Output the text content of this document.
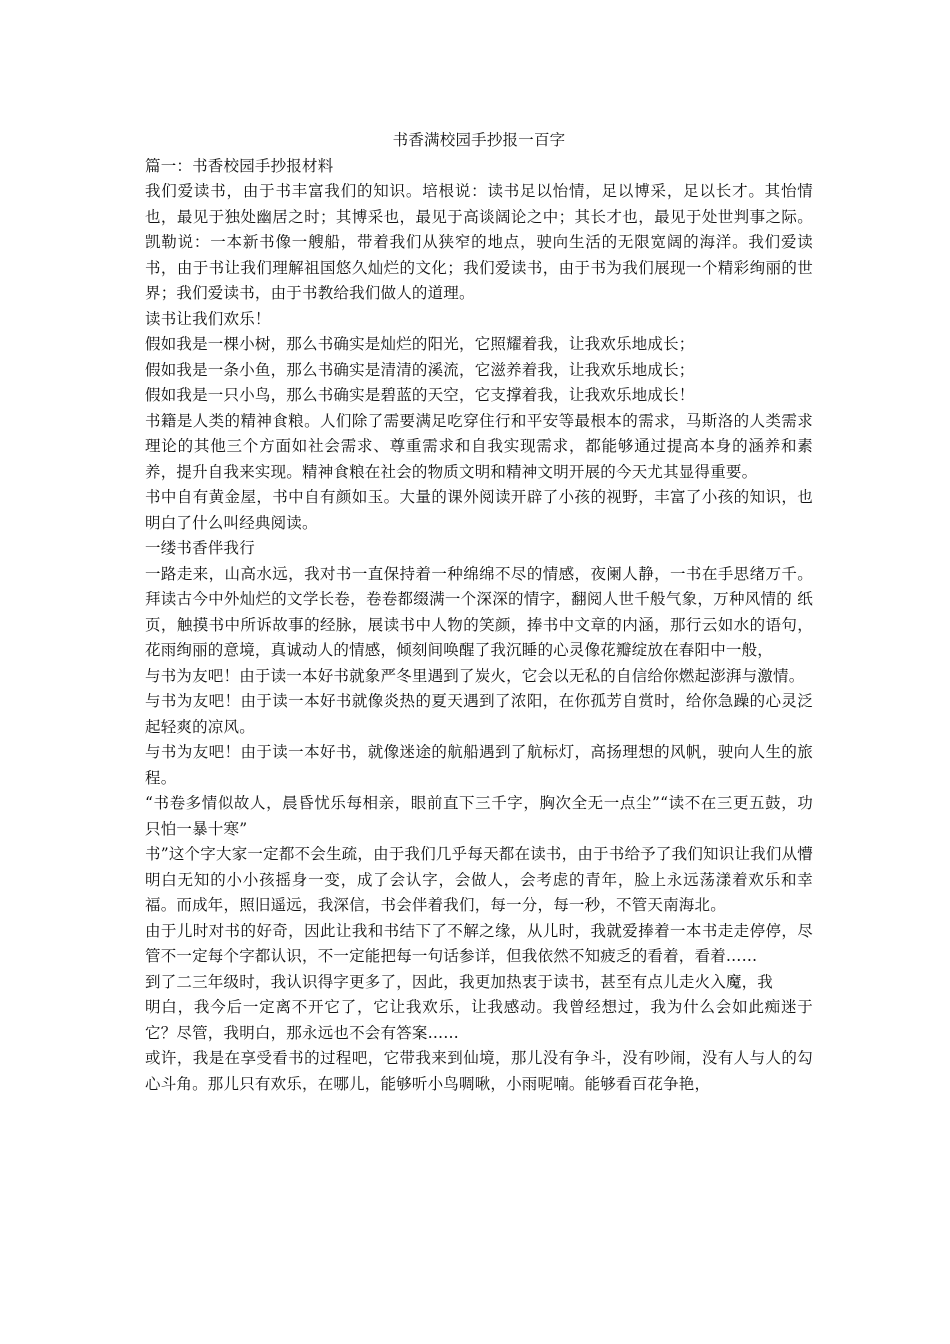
书香满校园手抄报一百字

篇一：书香校园手抄报材料

我们爱读书，由于书丰富我们的知识。培根说：读书足以怡情，足以博采，足以长才。其怡情也，最见于独处幽居之时；其博采也，最见于高谈阔论之中；其长才也，最见于处世判事之际。凯勒说：一本新书像一艘船，带着我们从狭窄的地点，驶向生活的无限宽阔的海洋。我们爱读书，由于书让我们理解祖国悠久灿烂的文化；我们爱读书，由于书为我们展现一个精彩绚丽的世界；我们爱读书，由于书教给我们做人的道理。

读书让我们欢乐！

假如我是一棵小树，那么书确实是灿烂的阳光，它照耀着我，让我欢乐地成长；

假如我是一条小鱼，那么书确实是清清的溪流，它滋养着我，让我欢乐地成长；

假如我是一只小鸟，那么书确实是碧蓝的天空，它支撑着我，让我欢乐地成长！

书籍是人类的精神食粮。人们除了需要满足吃穿住行和平安等最根本的需求，马斯洛的人类需求理论的其他三个方面如社会需求、尊重需求和自我实现需求，都能够通过提高本身的涵养和素养，提升自我来实现。精神食粮在社会的物质文明和精神文明开展的今天尤其显得重要。

书中自有黄金屋，书中自有颜如玉。大量的课外阅读开辟了小孩的视野，丰富了小孩的知识，也明白了什么叫经典阅读。

一缕书香伴我行

一路走来，山高水远，我对书一直保持着一种绵绵不尽的情感，夜阑人静，一书在手思绪万千。拜读古今中外灿烂的文学长卷，卷卷都缀满一个深深的情字，翻阅人世千般气象，万种风情的 纸页，触摸书中所诉故事的经脉，展读书中人物的笑颜，捧书中文章的内涵，那行云如水的语句，花雨绚丽的意境，真诚动人的情感，倾刻间唤醒了我沉睡的心灵像花瓣绽放在春阳中一般，

与书为友吧！由于读一本好书就象严冬里遇到了炭火，它会以无私的自信给你燃起澎湃与激情。

与书为友吧！由于读一本好书就像炎热的夏天遇到了浓阳，在你孤芳自赏时，给你急躁的心灵泛起轻爽的凉风。

与书为友吧！由于读一本好书，就像迷途的航船遇到了航标灯，高扬理想的风帆，驶向人生的旅程。

“书卷多情似故人，晨昏忧乐每相亲，眼前直下三千字，胸次全无一点尘”“读不在三更五鼓，功只怕一暴十寒”

书”这个字大家一定都不会生疏，由于我们几乎每天都在读书，由于书给予了我们知识让我们从懵明白无知的小小孩摇身一变，成了会认字，会做人，会考虑的青年，脸上永远荡漾着欢乐和幸福。而成年，照旧遥远，我深信，书会伴着我们，每一分，每一秒，不管天南海北。

由于儿时对书的好奇，因此让我和书结下了不解之缘，从儿时，我就爱捧着一本书走走停停，尽管不一定每个字都认识，不一定能把每一句话参详，但我依然不知疲乏的看着，看着……

到了二三年级时，我认识得字更多了，因此，我更加热衷于读书，甚至有点儿走火入魔，我

明白，我今后一定离不开它了，它让我欢乐，让我感动。我曾经想过，我为什么会如此痴迷于它？尽管，我明白，那永远也不会有答案……

或许，我是在享受看书的过程吧，它带我来到仙境，那儿没有争斗，没有吵闹，没有人与人的勾心斗角。那儿只有欢乐，在哪儿，能够听小鸟啁啾，小雨呢喃。能够看百花争艳，
